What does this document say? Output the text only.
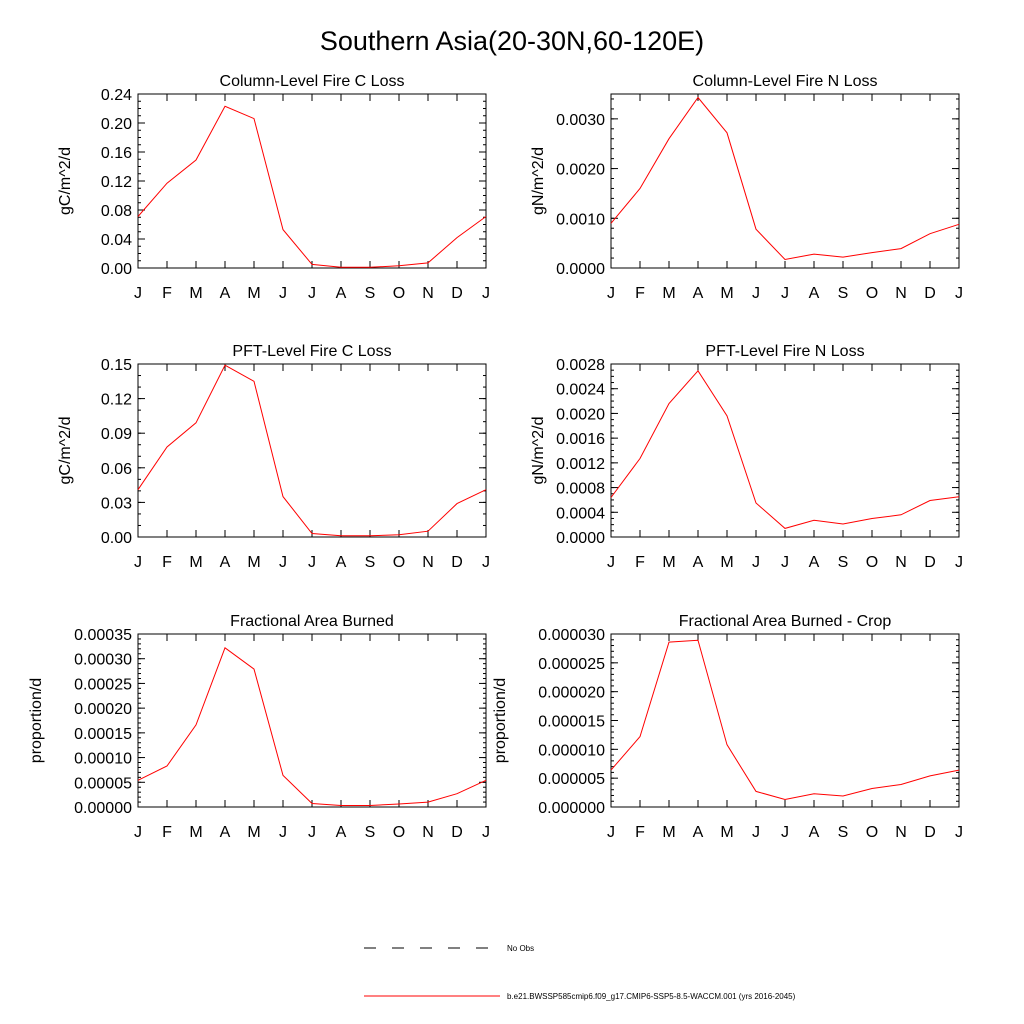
Southern Asia(20-30N,60-120E)
Column-Level Fire C Loss
gC/m^2/d
0.00
0.04
0.08
0.12
0.16
0.20
0.24
J F M A M J J A S O N D J
Column-Level Fire N Loss
gN/m^2/d
0.0000
0.0010
0.0020
0.0030
J F M A M J J A S O N D J
PFT-Level Fire C Loss
gC/m^2/d
0.00
0.03
0.06
0.09
0.12
0.15
J F M A M J J A S O N D J
PFT-Level Fire N Loss
gN/m^2/d
0.0000
0.0004
0.0008
0.0012
0.0016
0.0020
0.0024
0.0028
J F M A M J J A S O N D J
Fractional Area Burned
proportion/d
0.00000
0.00005
0.00010
0.00015
0.00020
0.00025
0.00030
0.00035
J F M A M J J A S O N D J
Fractional Area Burned - Crop
proportion/d
0.000000
0.000005
0.000010
0.000015
0.000020
0.000025
0.000030
J F M A M J J A S O N D J
No Obs
b.e21.BWSSP585cmip6.f09_g17.CMIP6-SSP5-8.5-WACCM.001 (yrs 2016-2045)
